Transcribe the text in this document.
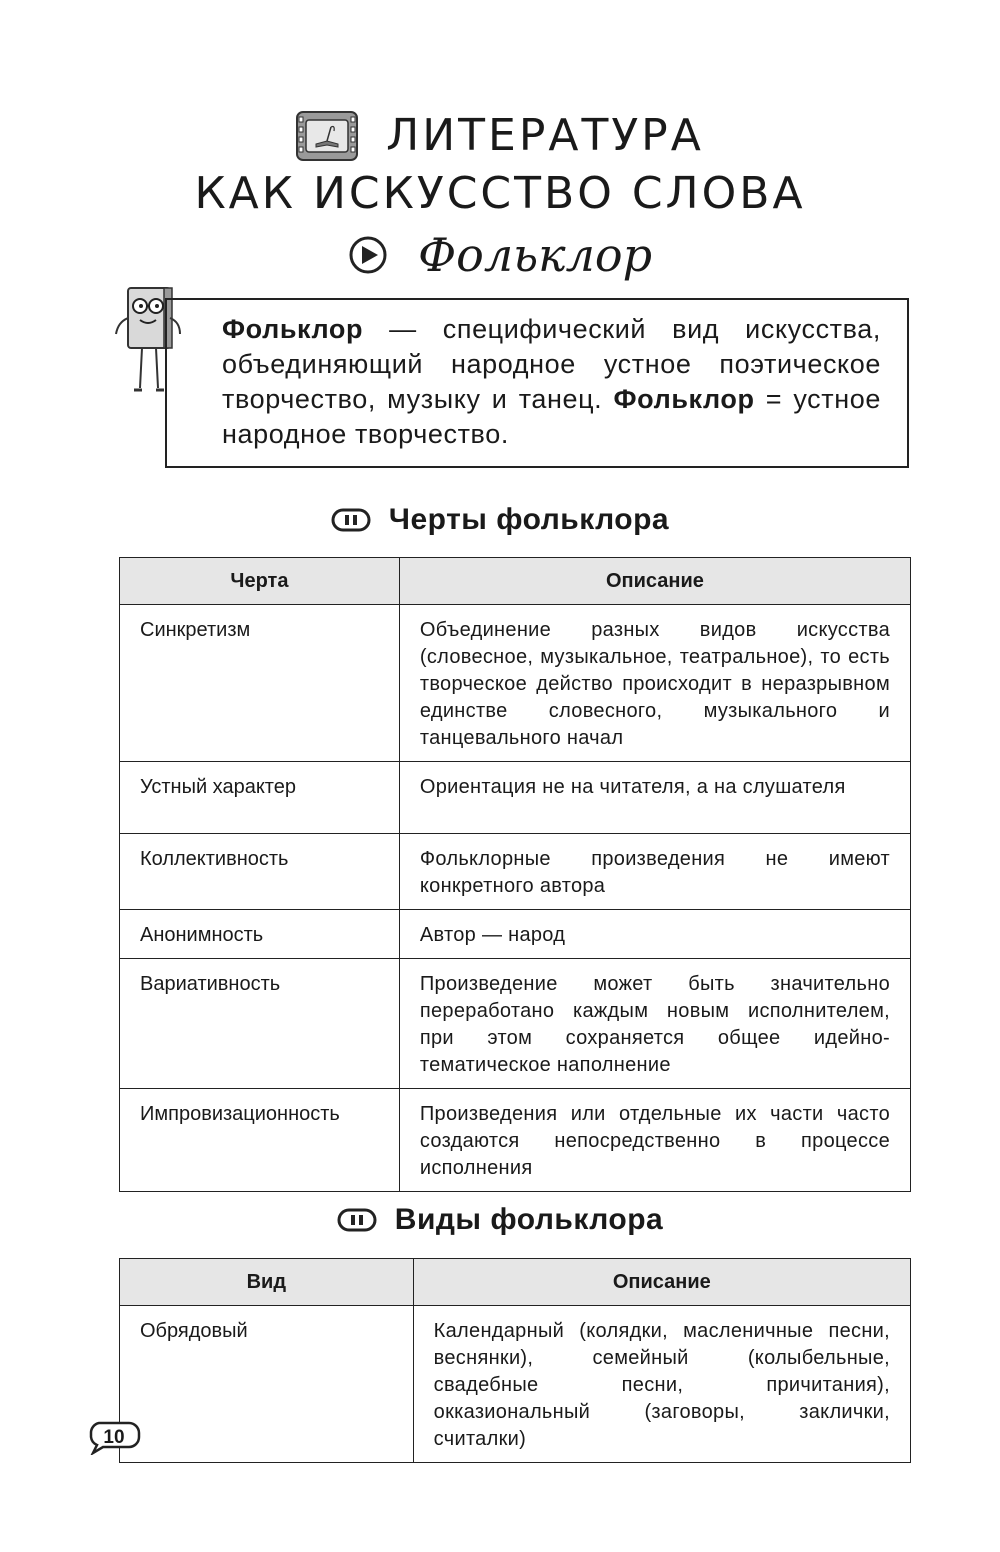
ЛИТЕРАТУРА
КАК ИСКУССТВО СЛОВА
Фольклор
Фольклор — специфический вид искусства, объединяющий народное устное поэтическое творчество, музыку и танец. Фольклор = устное народное творчество.
Черты фольклора
Черта	Описание
Синкретизм	Объединение разных видов искусства (словесное, музыкальное, театральное), то есть творческое действо происходит в неразрывном единстве словесного, музыкального и танцевального начал
Устный характер	Ориентация не на читателя, а на слушателя
Коллективность	Фольклорные произведения не имеют конкретного автора
Анонимность	Автор — народ
Вариативность	Произведение может быть значительно переработано каждым новым исполнителем, при этом сохраняется общее идейно-тематическое наполнение
Импровизационность	Произведения или отдельные их части часто создаются непосредственно в процессе исполнения
Виды фольклора
Вид	Описание
Обрядовый	Календарный (колядки, масленичные песни, веснянки), семейный (колыбельные, свадебные песни, причитания), окказиональный (заговоры, заклички, считалки)
10
